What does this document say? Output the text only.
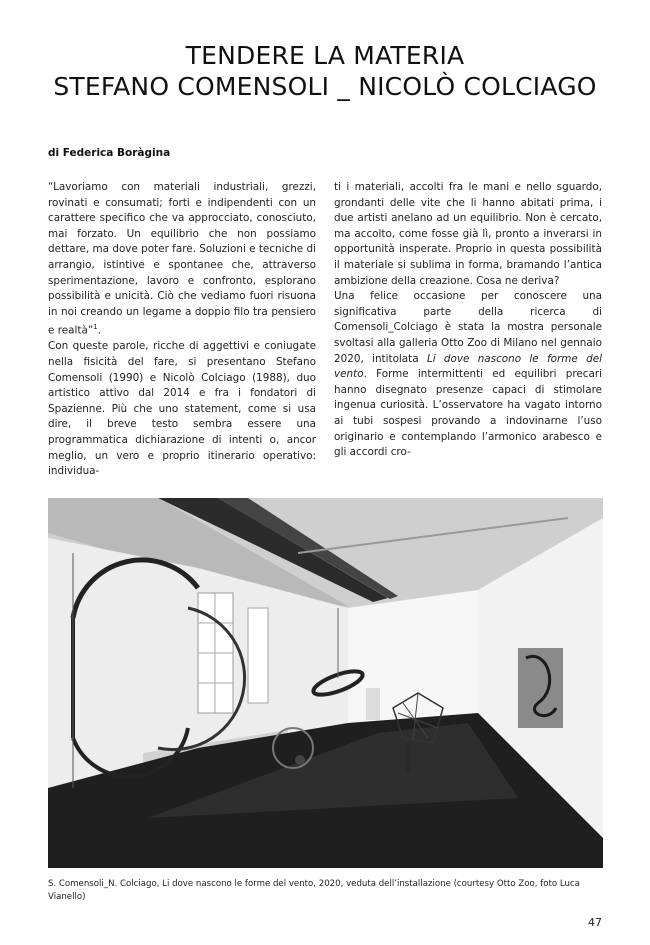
TENDERE LA MATERIA
STEFANO COMENSOLI _ NICOLÒ COLCIAGO
di Federica Boràgina

“Lavoriamo con materiali industriali, grezzi, rovinati e consumati; forti e indipendenti con un carattere specifico che va approcciato, conosciuto, mai forzato. Un equilibrio che non possiamo dettare, ma dove poter fare. Soluzioni e tecniche di arrangio, istintive e spontanee che, attraverso sperimentazione, lavoro e confronto, esplorano possibilità e unicità. Ciò che vediamo fuori risuona in noi creando un legame a doppio filo tra pensiero e realtà”$^1$.

Con queste parole, ricche di aggettivi e coniugate nella fisicità del fare, si presentano Stefano Comensoli (1990) e Nicolò Colciago (1988), duo artistico attivo dal 2014 e fra i fondatori di Spazienne. Più che uno statement, come si usa dire, il breve testo sembra essere una programmatica dichiarazione di intenti o, ancor meglio, un vero e proprio itinerario operativo: individua-

ti i materiali, accolti fra le mani e nello sguardo, grondanti delle vite che li hanno abitati prima, i due artisti anelano ad un equilibrio. Non è cercato, ma accolto, come fosse già lì, pronto a inverarsi in opportunità insperate. Proprio in questa possibilità il materiale si sublima in forma, bramando l’antica ambizione della creazione. Cosa ne deriva?

Una felice occasione per conoscere una significativa parte della ricerca di Comensoli_Colciago è stata la mostra personale svoltasi alla galleria Otto Zoo di Milano nel gennaio 2020, intitolata Li dove nascono le forme del vento. Forme intermittenti ed equilibri precari hanno disegnato presenze capaci di stimolare ingenua curiosità. L’osservatore ha vagato intorno ai tubi sospesi provando a indovinarne l’uso originario e contemplando l’armonico arabesco e gli accordi cro-

S. Comensoli_N. Colciago, Li dove nascono le forme del vento, 2020, veduta dell’installazione (courtesy Otto Zoo, foto Luca Vianello)
47
